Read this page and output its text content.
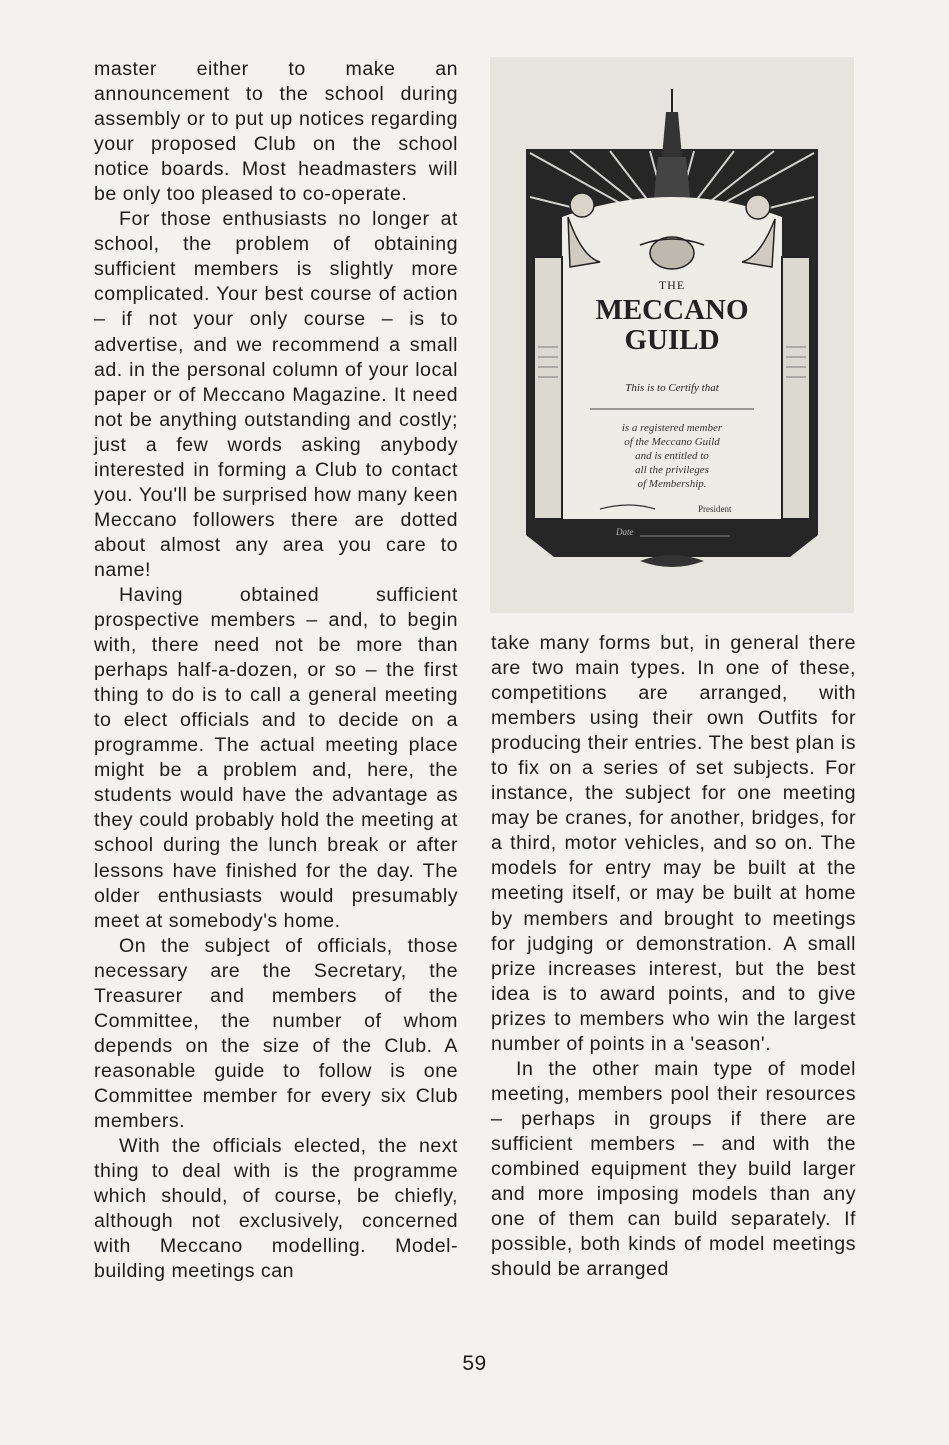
master either to make an announcement to the school during assembly or to put up notices regarding your proposed Club on the school notice boards. Most headmasters will be only too pleased to co-operate.

For those enthusiasts no longer at school, the problem of obtaining sufficient members is slightly more complicated. Your best course of action – if not your only course – is to advertise, and we recommend a small ad. in the personal column of your local paper or of Meccano Magazine. It need not be anything outstanding and costly; just a few words asking anybody interested in forming a Club to contact you. You'll be surprised how many keen Meccano followers there are dotted about almost any area you care to name!

Having obtained sufficient prospective members – and, to begin with, there need not be more than perhaps half-a-dozen, or so – the first thing to do is to call a general meeting to elect officials and to decide on a programme. The actual meeting place might be a problem and, here, the students would have the advantage as they could probably hold the meeting at school during the lunch break or after lessons have finished for the day. The older enthusiasts would presumably meet at somebody's home.

On the subject of officials, those necessary are the Secretary, the Treasurer and members of the Committee, the number of whom depends on the size of the Club. A reasonable guide to follow is one Committee member for every six Club members.

With the officials elected, the next thing to deal with is the programme which should, of course, be chiefly, although not exclusively, concerned with Meccano modelling. Model-building meetings can

THE
MECCANO
GUILD
This is to Certify that
is a registered member
of the Meccano Guild
and is entitled to
all the privileges
of Membership.
President
Date

take many forms but, in general there are two main types. In one of these, competitions are arranged, with members using their own Outfits for producing their entries. The best plan is to fix on a series of set subjects. For instance, the subject for one meeting may be cranes, for another, bridges, for a third, motor vehicles, and so on. The models for entry may be built at the meeting itself, or may be built at home by members and brought to meetings for judging or demonstration. A small prize increases interest, but the best idea is to award points, and to give prizes to members who win the largest number of points in a 'season'.

In the other main type of model meeting, members pool their resources – perhaps in groups if there are sufficient members – and with the combined equipment they build larger and more imposing models than any one of them can build separately. If possible, both kinds of model meetings should be arranged

59
